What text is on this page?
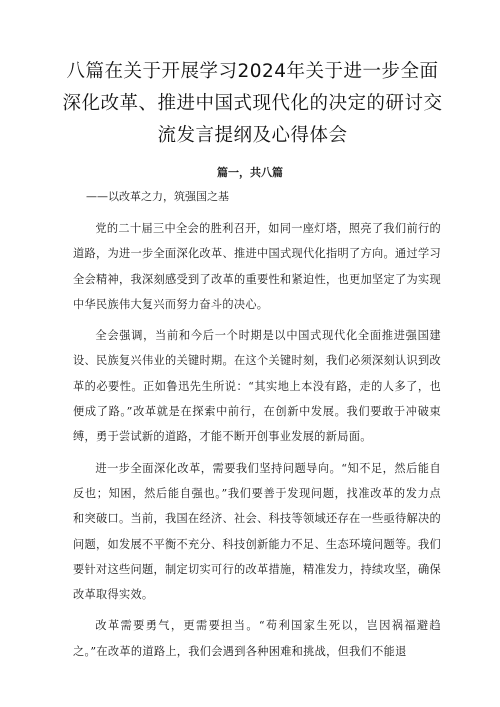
八篇在关于开展学习2024年关于进一步全面深化改革、推进中国式现代化的决定的研讨交流发言提纲及心得体会
篇一，共八篇

——以改革之力，筑强国之基

党的二十届三中全会的胜利召开，如同一座灯塔，照亮了我们前行的道路，为进一步全面深化改革、推进中国式现代化指明了方向。通过学习全会精神，我深刻感受到了改革的重要性和紧迫性，也更加坚定了为实现中华民族伟大复兴而努力奋斗的决心。

全会强调，当前和今后一个时期是以中国式现代化全面推进强国建设、民族复兴伟业的关键时期。在这个关键时刻，我们必须深刻认识到改革的必要性。正如鲁迅先生所说：“其实地上本没有路，走的人多了，也便成了路。”改革就是在探索中前行，在创新中发展。我们要敢于冲破束缚，勇于尝试新的道路，才能不断开创事业发展的新局面。

进一步全面深化改革，需要我们坚持问题导向。“知不足，然后能自反也；知困，然后能自强也。”我们要善于发现问题，找准改革的发力点和突破口。当前，我国在经济、社会、科技等领域还存在一些亟待解决的问题，如发展不平衡不充分、科技创新能力不足、生态环境问题等。我们要针对这些问题，制定切实可行的改革措施，精准发力，持续攻坚，确保改革取得实效。

改革需要勇气，更需要担当。“苟利国家生死以，岂因祸福避趋之。”在改革的道路上，我们会遇到各种困难和挑战，但我们不能退
